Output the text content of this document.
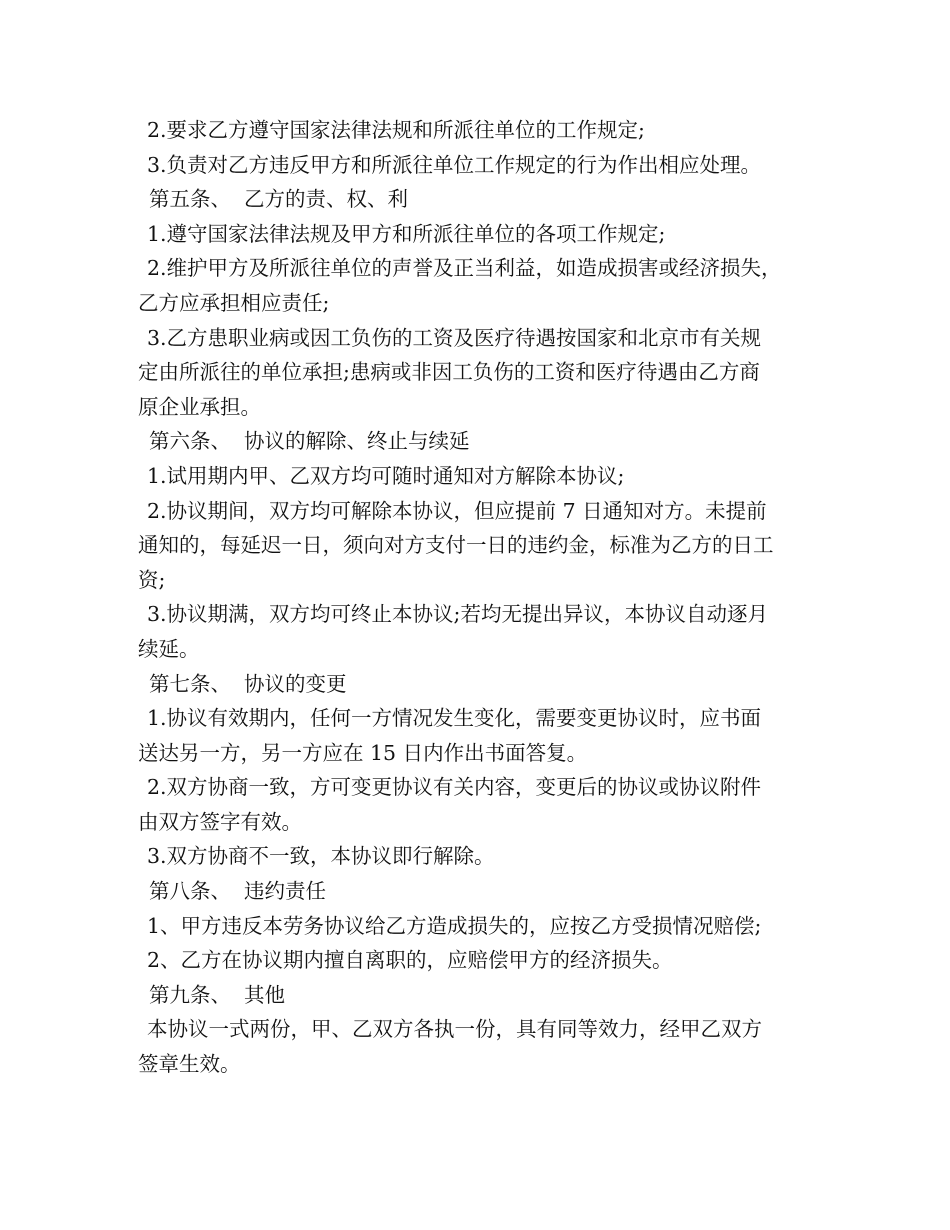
2.要求乙方遵守国家法律法规和所派往单位的工作规定;
3.负责对乙方违反甲方和所派往单位工作规定的行为作出相应处理。
第五条、  乙方的责、权、利
1.遵守国家法律法规及甲方和所派往单位的各项工作规定;
2.维护甲方及所派往单位的声誉及正当利益，如造成损害或经济损失，
乙方应承担相应责任;
3.乙方患职业病或因工负伤的工资及医疗待遇按国家和北京市有关规
定由所派往的单位承担;患病或非因工负伤的工资和医疗待遇由乙方商
原企业承担。
第六条、  协议的解除、终止与续延
1.试用期内甲、乙双方均可随时通知对方解除本协议;
2.协议期间，双方均可解除本协议，但应提前 7 日通知对方。未提前
通知的，每延迟一日，须向对方支付一日的违约金，标准为乙方的日工
资;
3.协议期满，双方均可终止本协议;若均无提出异议，本协议自动逐月
续延。
第七条、  协议的变更
1.协议有效期内，任何一方情况发生变化，需要变更协议时，应书面
送达另一方，另一方应在 15 日内作出书面答复。
2.双方协商一致，方可变更协议有关内容，变更后的协议或协议附件
由双方签字有效。
3.双方协商不一致，本协议即行解除。
第八条、  违约责任
1、甲方违反本劳务协议给乙方造成损失的，应按乙方受损情况赔偿;
2、乙方在协议期内擅自离职的，应赔偿甲方的经济损失。
第九条、  其他
本协议一式两份，甲、乙双方各执一份，具有同等效力，经甲乙双方
签章生效。
